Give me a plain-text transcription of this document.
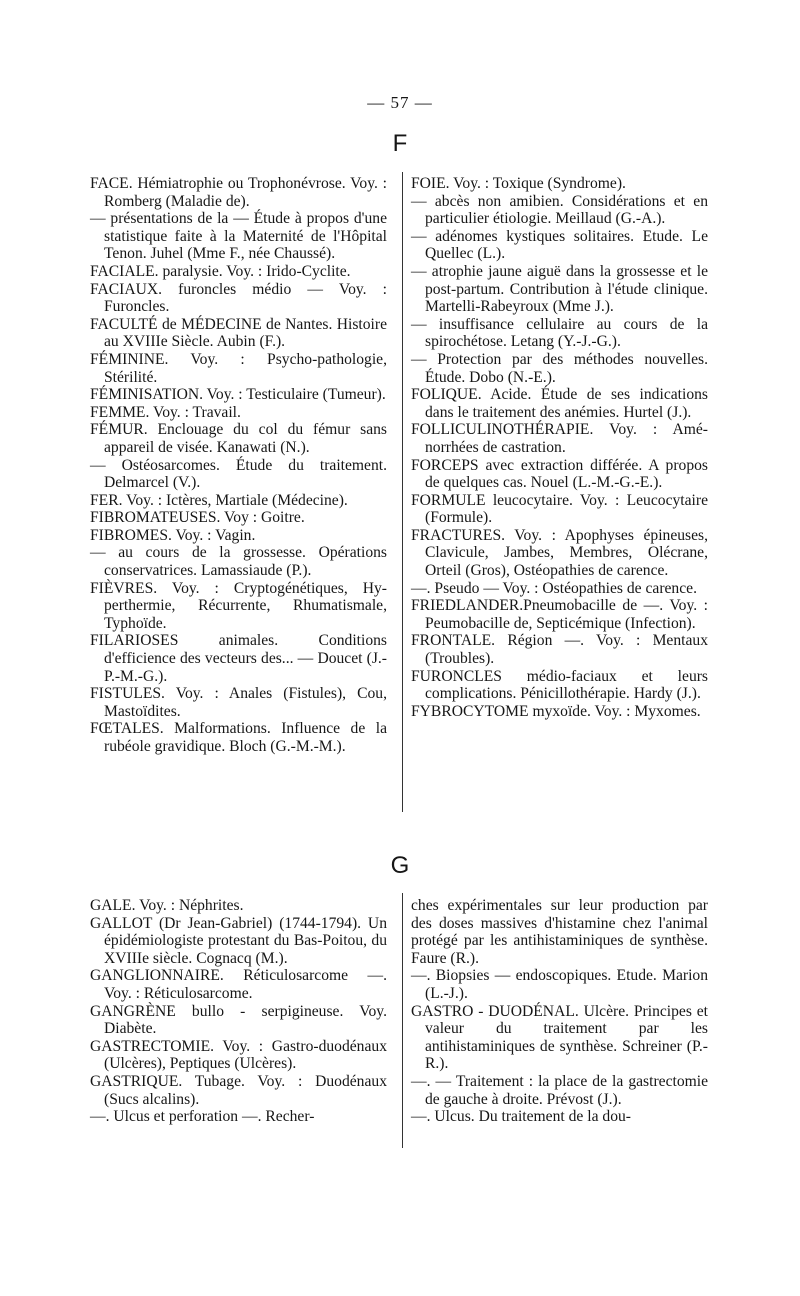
— 57 —
F

FACE. Hémiatrophie ou Trophonévrose. Voy. : Romberg (Maladie de).

— présentations de la — Étude à propos d'une statistique faite à la Maternité de l'Hôpital Tenon. Juhel (Mme F., née Chaussé).

FACIALE. paralysie. Voy. : Irido-Cyclite.

FACIAUX. furoncles médio — Voy. : Furoncles.

FACULTÉ de MÉDECINE de Nantes. Histoire au XVIIIe Siècle. Aubin (F.).

FÉMININE. Voy. : Psycho-pathologie, Stérilité.

FÉMINISATION. Voy. : Testiculaire (Tumeur).

FEMME. Voy. : Travail.

FÉMUR. Enclouage du col du fémur sans appareil de visée. Kanawati (N.).

— Ostéosarcomes. Étude du traitement. Delmarcel (V.).

FER. Voy. : Ictères, Martiale (Médecine).

FIBROMATEUSES. Voy : Goitre.

FIBROMES. Voy. : Vagin.

— au cours de la grossesse. Opérations conservatrices. Lamassiaude (P.).

FIÈVRES. Voy. : Cryptogénétiques, Hyperthermie, Récurrente, Rhumatismale, Typhoïde.

FILARIOSES animales. Conditions d'efficience des vecteurs des... — Doucet (J.-P.-M.-G.).

FISTULES. Voy. : Anales (Fistules), Cou, Mastoïdites.

FŒTALES. Malformations. Influence de la rubéole gravidique. Bloch (G.-M.-M.).

FOIE. Voy. : Toxique (Syndrome).

— abcès non amibien. Considérations et en particulier étiologie. Meillaud (G.-A.).

— adénomes kystiques solitaires. Etude. Le Quellec (L.).

— atrophie jaune aiguë dans la grossesse et le post-partum. Contribution à l'étude clinique. Martelli-Rabeyroux (Mme J.).

— insuffisance cellulaire au cours de la spirochétose. Letang (Y.-J.-G.).

— Protection par des méthodes nouvelles. Étude. Dobo (N.-E.).

FOLIQUE. Acide. Étude de ses indications dans le traitement des anémies. Hurtel (J.).

FOLLICULINOTHÉRAPIE. Voy. : Aménorrhées de castration.

FORCEPS avec extraction différée. A propos de quelques cas. Nouel (L.-M.-G.-E.).

FORMULE leucocytaire. Voy. : Leucocytaire (Formule).

FRACTURES. Voy. : Apophyses épineuses, Clavicule, Jambes, Membres, Olécrane, Orteil (Gros), Ostéopathies de carence.

—. Pseudo — Voy. : Ostéopathies de carence.

FRIEDLANDER.Pneumobacille de —. Voy. : Peumobacille de, Septicémique (Infection).

FRONTALE. Région —. Voy. : Mentaux (Troubles).

FURONCLES médio-faciaux et leurs complications. Pénicillothérapie. Hardy (J.).

FYBROCYTOME myxoïde. Voy. : Myxomes.

G

GALE. Voy. : Néphrites.

GALLOT (Dr Jean-Gabriel) (1744-1794). Un épidémiologiste protestant du Bas-Poitou, du XVIIIe siècle. Cognacq (M.).

GANGLIONNAIRE. Réticulosarcome —. Voy. : Réticulosarcome.

GANGRÈNE bullo - serpigineuse. Voy. Diabète.

GASTRECTOMIE. Voy. : Gastro-duodénaux (Ulcères), Peptiques (Ulcères).

GASTRIQUE. Tubage. Voy. : Duodénaux (Sucs alcalins).

—. Ulcus et perforation —. Recher-

ches expérimentales sur leur production par des doses massives d'histamine chez l'animal protégé par les antihistaminiques de synthèse. Faure (R.).

—. Biopsies — endoscopiques. Etude. Marion (L.-J.).

GASTRO - DUODÉNAL. Ulcère. Principes et valeur du traitement par les antihistaminiques de synthèse. Schreiner (P.-R.).

—. — Traitement : la place de la gastrectomie de gauche à droite. Prévost (J.).

—. Ulcus. Du traitement de la dou-
